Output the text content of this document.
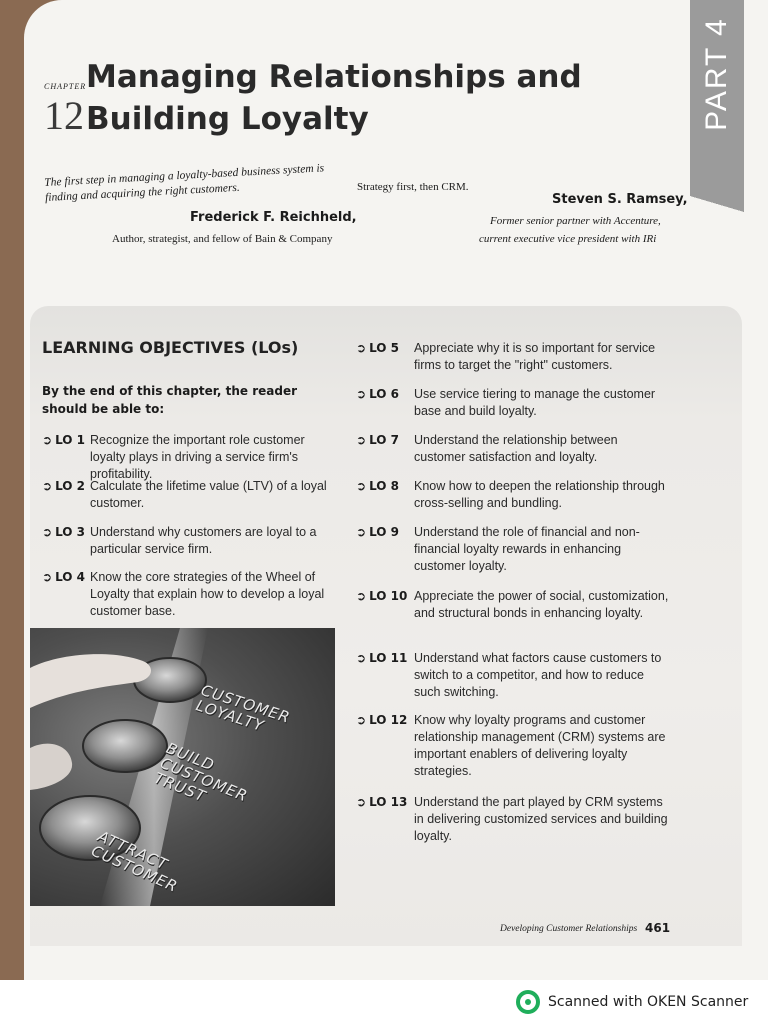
PART 4
CHAPTER
12
Managing Relationships and Building Loyalty
The first step in managing a loyalty-based business system is finding and acquiring the right customers.
Frederick F. Reichheld,
Author, strategist, and fellow of Bain & Company
Strategy first, then CRM.
Steven S. Ramsey,
Former senior partner with Accenture,
current executive vice president with IRi
LEARNING OBJECTIVES (LOs)
By the end of this chapter, the reader should be able to:
➲ LO 1 Recognize the important role customer loyalty plays in driving a service firm's profitability.
➲ LO 2 Calculate the lifetime value (LTV) of a loyal customer.
➲ LO 3 Understand why customers are loyal to a particular service firm.
➲ LO 4 Know the core strategies of the Wheel of Loyalty that explain how to develop a loyal customer base.
➲ LO 5 Appreciate why it is so important for service firms to target the "right" customers.
➲ LO 6 Use service tiering to manage the customer base and build loyalty.
➲ LO 7 Understand the relationship between customer satisfaction and loyalty.
➲ LO 8 Know how to deepen the relationship through cross-selling and bundling.
➲ LO 9 Understand the role of financial and non-financial loyalty rewards in enhancing customer loyalty.
➲ LO 10 Appreciate the power of social, customization, and structural bonds in enhancing loyalty.
➲ LO 11 Understand what factors cause customers to switch to a competitor, and how to reduce such switching.
➲ LO 12 Know why loyalty programs and customer relationship management (CRM) systems are important enablers of delivering loyalty strategies.
➲ LO 13 Understand the part played by CRM systems in delivering customized services and building loyalty.
CUSTOMER
LOYALTY
BUILD
CUSTOMER
TRUST
ATTRACT
CUSTOMER
Developing Customer Relationships 461
Scanned with OKEN Scanner
